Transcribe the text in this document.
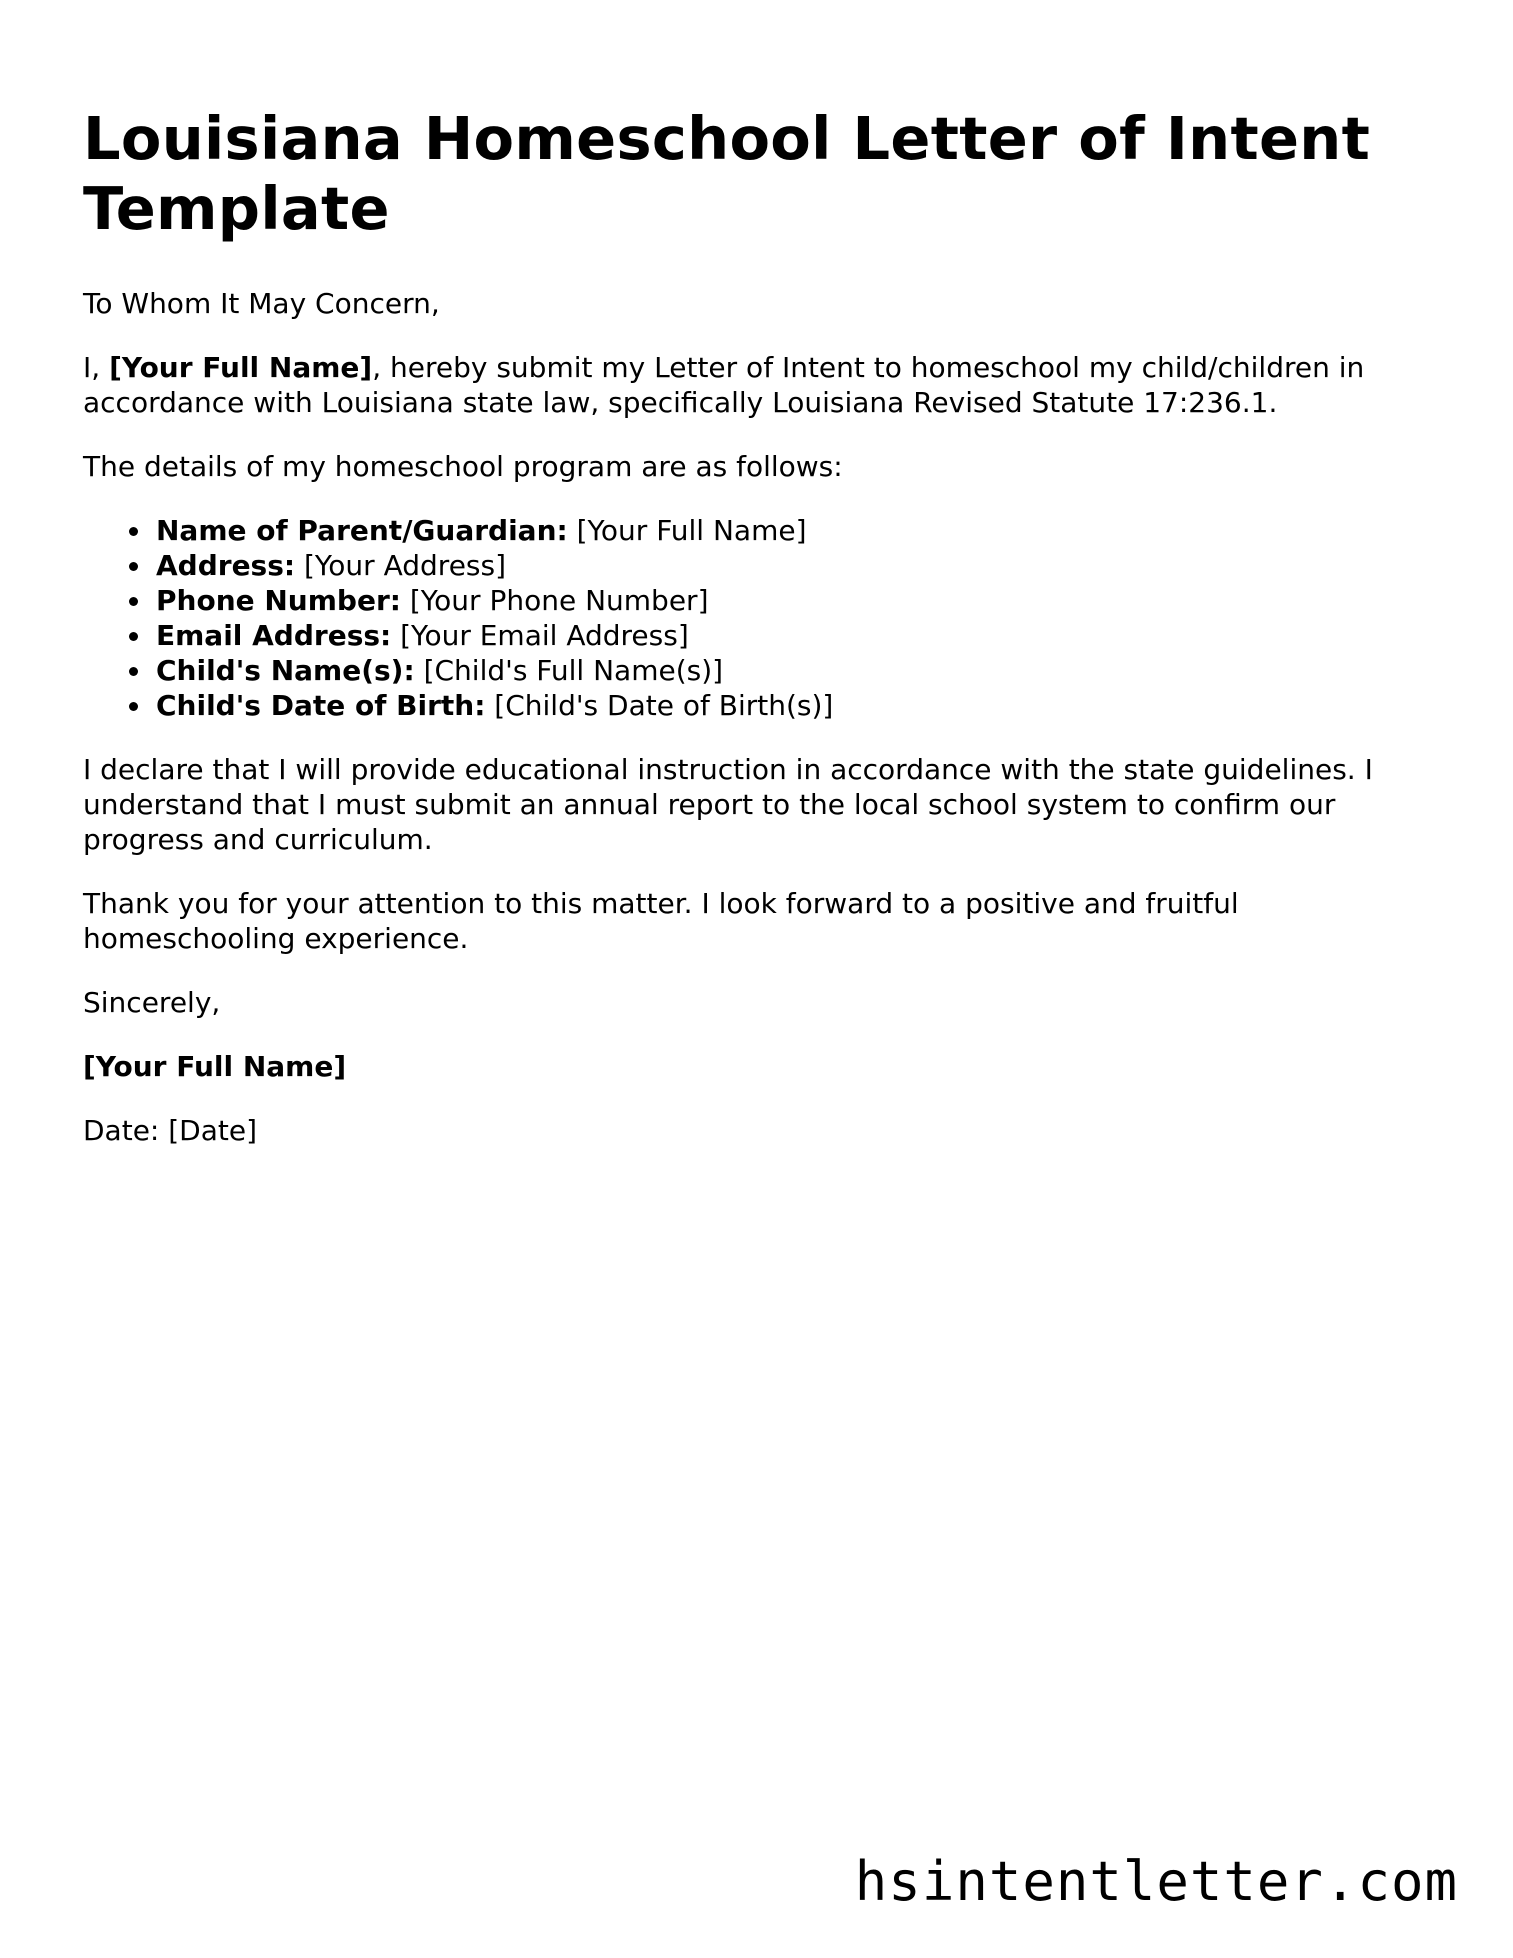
Louisiana Homeschool Letter of Intent Template

To Whom It May Concern,

I, [Your Full Name], hereby submit my Letter of Intent to homeschool my child/children in accordance with Louisiana state law, specifically Louisiana Revised Statute 17:236.1.

The details of my homeschool program are as follows:

Name of Parent/Guardian: [Your Full Name]
Address: [Your Address]
Phone Number: [Your Phone Number]
Email Address: [Your Email Address]
Child's Name(s): [Child's Full Name(s)]
Child's Date of Birth: [Child's Date of Birth(s)]

I declare that I will provide educational instruction in accordance with the state guidelines. I understand that I must submit an annual report to the local school system to confirm our progress and curriculum.

Thank you for your attention to this matter. I look forward to a positive and fruitful homeschooling experience.

Sincerely,

[Your Full Name]

Date: [Date]

hsintentletter.com
